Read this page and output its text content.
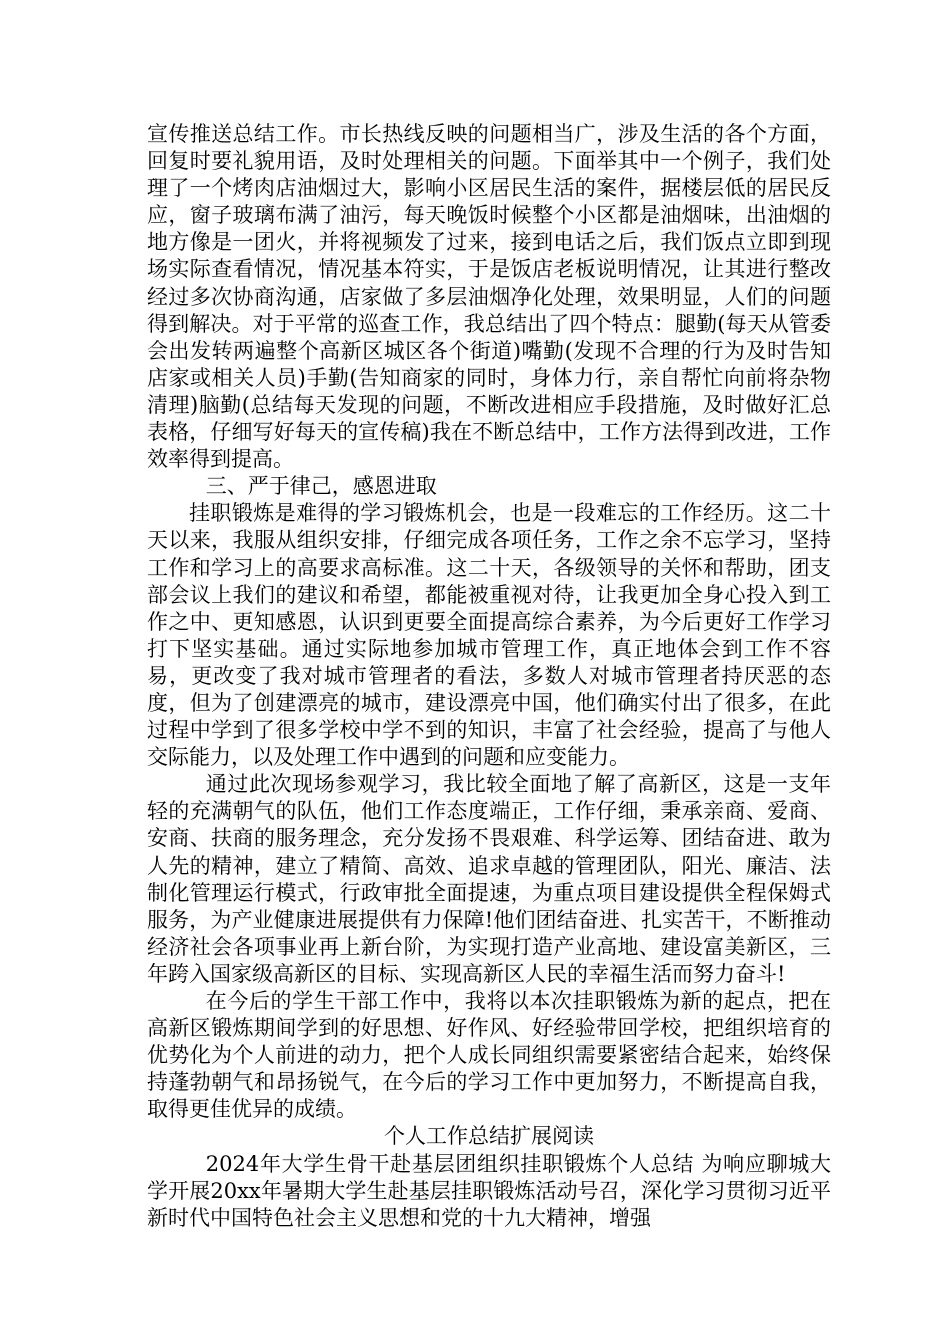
宣传推送总结工作。市长热线反映的问题相当广，涉及生活的各个方面，回复时要礼貌用语，及时处理相关的问题。下面举其中一个例子，我们处理了一个烤肉店油烟过大，影响小区居民生活的案件，据楼层低的居民反应，窗子玻璃布满了油污，每天晚饭时候整个小区都是油烟味，出油烟的地方像是一团火，并将视频发了过来，接到电话之后，我们饭点立即到现场实际查看情况，情况基本符实，于是饭店老板说明情况，让其进行整改经过多次协商沟通，店家做了多层油烟净化处理，效果明显，人们的问题得到解决。对于平常的巡查工作，我总结出了四个特点：腿勤(每天从管委会出发转两遍整个高新区城区各个街道)嘴勤(发现不合理的行为及时告知店家或相关人员)手勤(告知商家的同时，身体力行，亲自帮忙向前将杂物清理)脑勤(总结每天发现的问题，不断改进相应手段措施，及时做好汇总表格，仔细写好每天的宣传稿)我在不断总结中，工作方法得到改进，工作效率得到提高。

三、严于律己，感恩进取

挂职锻炼是难得的学习锻炼机会，也是一段难忘的工作经历。这二十天以来，我服从组织安排，仔细完成各项任务，工作之余不忘学习，坚持工作和学习上的高要求高标准。这二十天，各级领导的关怀和帮助，团支部会议上我们的建议和希望，都能被重视对待，让我更加全身心投入到工作之中、更知感恩，认识到更要全面提高综合素养，为今后更好工作学习打下坚实基础。通过实际地参加城市管理工作，真正地体会到工作不容易，更改变了我对城市管理者的看法，多数人对城市管理者持厌恶的态度，但为了创建漂亮的城市，建设漂亮中国，他们确实付出了很多，在此过程中学到了很多学校中学不到的知识，丰富了社会经验，提高了与他人交际能力，以及处理工作中遇到的问题和应变能力。

通过此次现场参观学习，我比较全面地了解了高新区，这是一支年轻的充满朝气的队伍，他们工作态度端正，工作仔细，秉承亲商、爱商、安商、扶商的服务理念，充分发扬不畏艰难、科学运筹、团结奋进、敢为人先的精神，建立了精简、高效、追求卓越的管理团队，阳光、廉洁、法制化管理运行模式，行政审批全面提速，为重点项目建设提供全程保姆式服务，为产业健康进展提供有力保障!他们团结奋进、扎实苦干，不断推动经济社会各项事业再上新台阶，为实现打造产业高地、建设富美新区，三年跨入国家级高新区的目标、实现高新区人民的幸福生活而努力奋斗!

在今后的学生干部工作中，我将以本次挂职锻炼为新的起点，把在高新区锻炼期间学到的好思想、好作风、好经验带回学校，把组织培育的优势化为个人前进的动力，把个人成长同组织需要紧密结合起来，始终保持蓬勃朝气和昂扬锐气，在今后的学习工作中更加努力，不断提高自我，取得更佳优异的成绩。

个人工作总结扩展阅读

2024年大学生骨干赴基层团组织挂职锻炼个人总结 为响应聊城大学开展20xx年暑期大学生赴基层挂职锻炼活动号召，深化学习贯彻习近平新时代中国特色社会主义思想和党的十九大精神，增强
